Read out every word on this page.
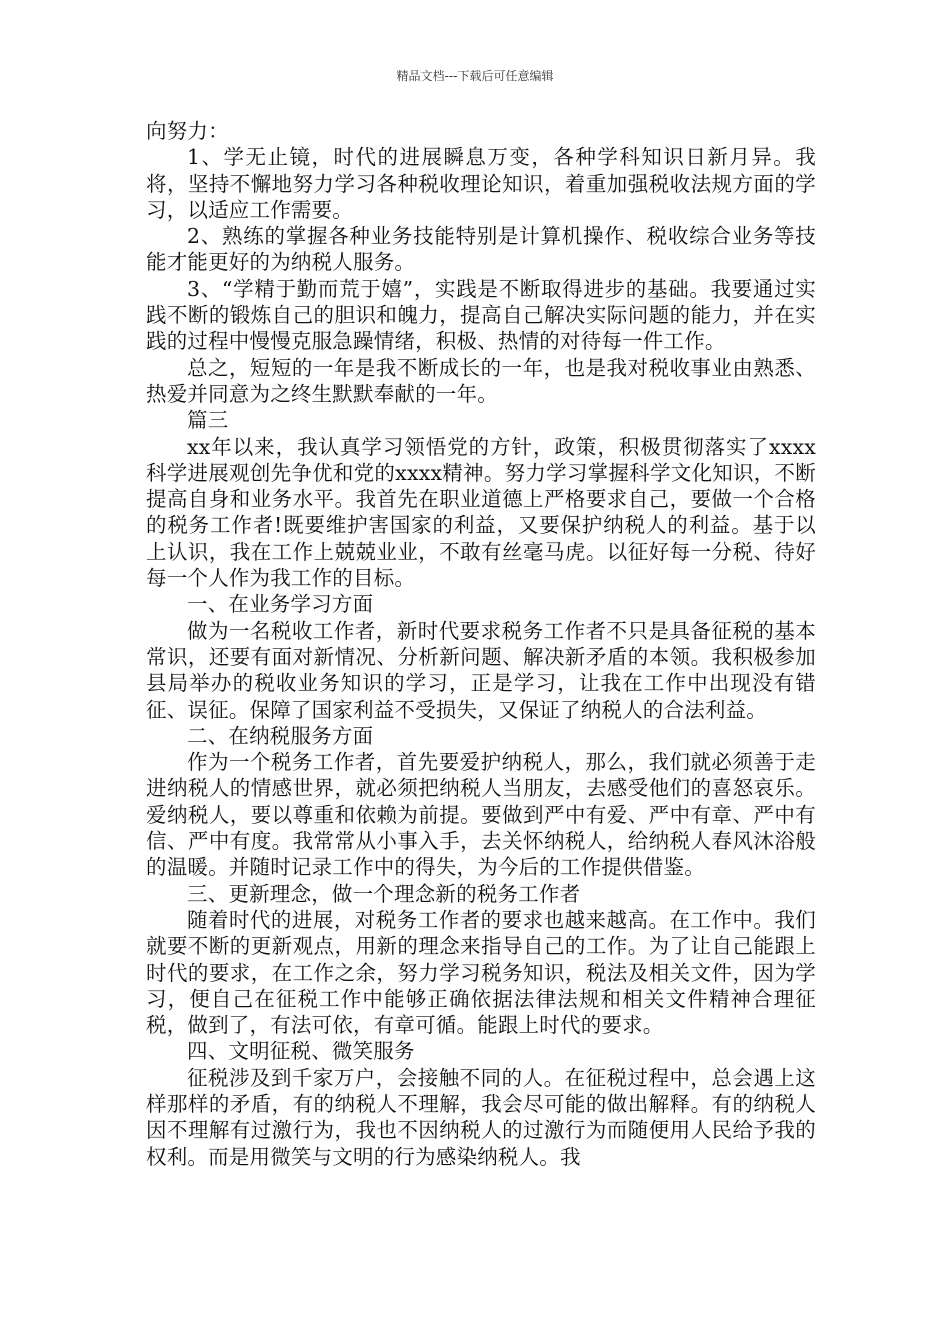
精品文档---下载后可任意编辑

向努力：

1、学无止镜，时代的进展瞬息万变，各种学科知识日新月异。我将，坚持不懈地努力学习各种税收理论知识，着重加强税收法规方面的学习，以适应工作需要。

2、熟练的掌握各种业务技能特别是计算机操作、税收综合业务等技能才能更好的为纳税人服务。

3、“学精于勤而荒于嬉”，实践是不断取得进步的基础。我要通过实践不断的锻炼自己的胆识和魄力，提高自己解决实际问题的能力，并在实践的过程中慢慢克服急躁情绪，积极、热情的对待每一件工作。

总之，短短的一年是我不断成长的一年，也是我对税收事业由熟悉、热爱并同意为之终生默默奉献的一年。

篇三

xx年以来，我认真学习领悟党的方针，政策，积极贯彻落实了xxxx科学进展观创先争优和党的xxxx精神。努力学习掌握科学文化知识，不断提高自身和业务水平。我首先在职业道德上严格要求自己，要做一个合格的税务工作者!既要维护害国家的利益，又要保护纳税人的利益。基于以上认识，我在工作上兢兢业业，不敢有丝毫马虎。以征好每一分税、待好每一个人作为我工作的目标。

一、在业务学习方面

做为一名税收工作者，新时代要求税务工作者不只是具备征税的基本常识，还要有面对新情况、分析新问题、解决新矛盾的本领。我积极参加县局举办的税收业务知识的学习，正是学习，让我在工作中出现没有错征、误征。保障了国家利益不受损失，又保证了纳税人的合法利益。

二、在纳税服务方面

作为一个税务工作者，首先要爱护纳税人，那么，我们就必须善于走进纳税人的情感世界，就必须把纳税人当朋友，去感受他们的喜怒哀乐。爱纳税人，要以尊重和依赖为前提。要做到严中有爱、严中有章、严中有信、严中有度。我常常从小事入手，去关怀纳税人，给纳税人春风沐浴般的温暖。并随时记录工作中的得失，为今后的工作提供借鉴。

三、更新理念，做一个理念新的税务工作者

随着时代的进展，对税务工作者的要求也越来越高。在工作中。我们就要不断的更新观点，用新的理念来指导自己的工作。为了让自己能跟上时代的要求，在工作之余，努力学习税务知识，税法及相关文件，因为学习，便自己在征税工作中能够正确依据法律法规和相关文件精神合理征税，做到了，有法可依，有章可循。能跟上时代的要求。

四、文明征税、微笑服务

征税涉及到千家万户，会接触不同的人。在征税过程中，总会遇上这样那样的矛盾，有的纳税人不理解，我会尽可能的做出解释。有的纳税人因不理解有过激行为，我也不因纳税人的过激行为而随便用人民给予我的权利。而是用微笑与文明的行为感染纳税人。我
